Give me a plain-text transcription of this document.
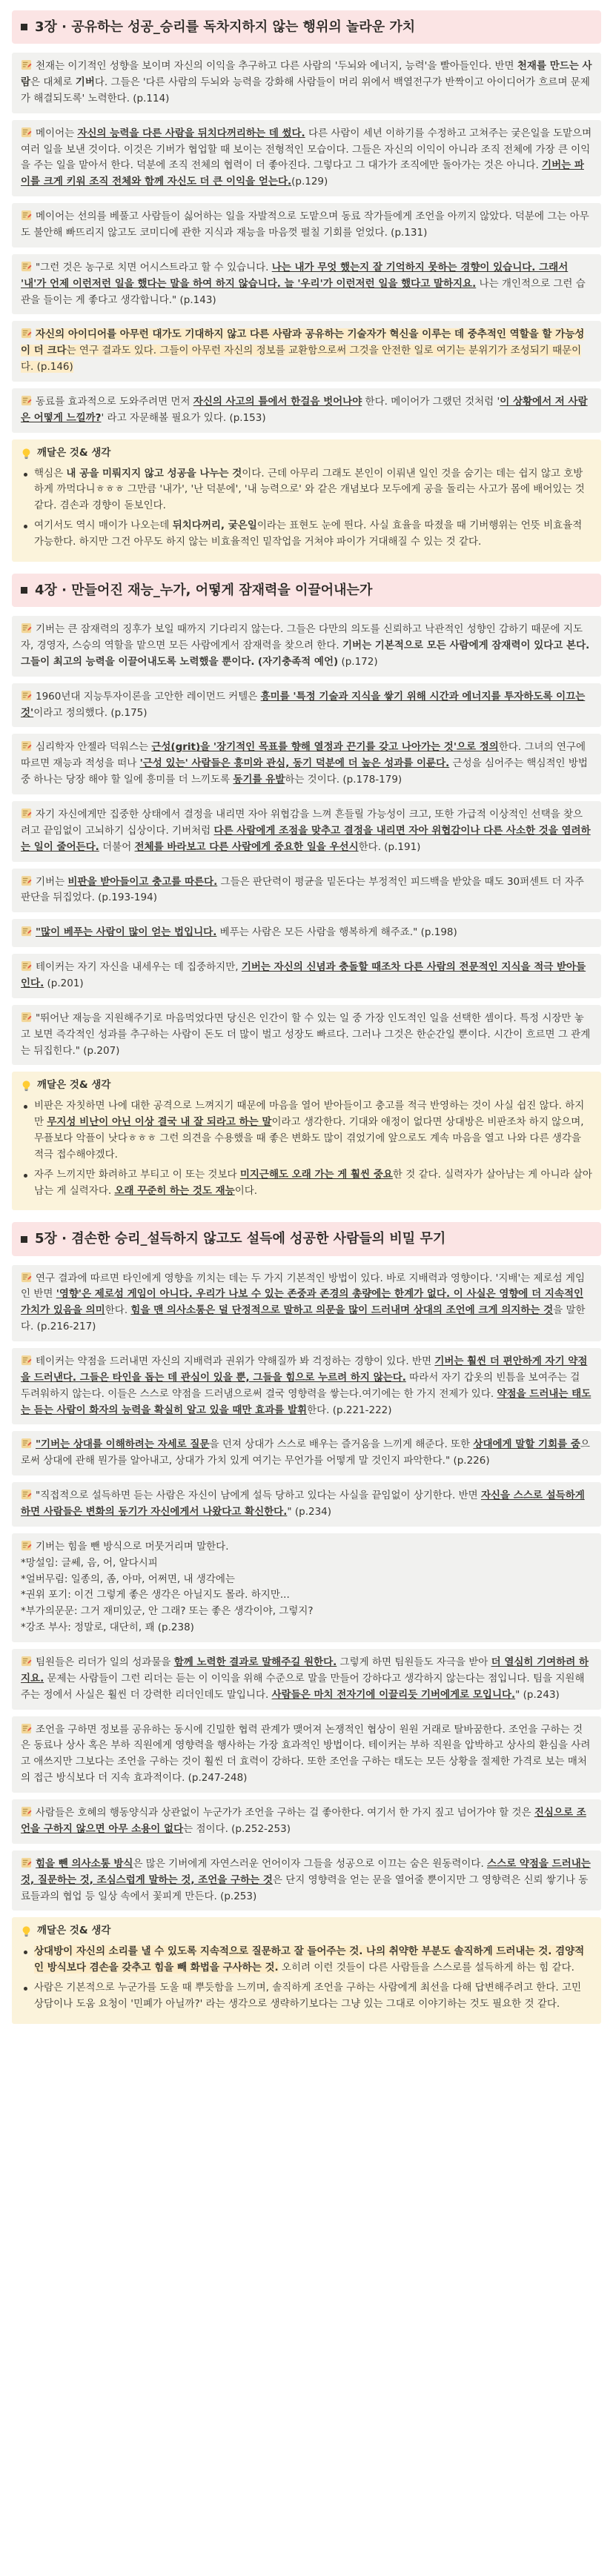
3장 · 공유하는 성공_승리를 독차지하지 않는 행위의 놀라운 가치
천재는 이기적인 성향을 보이며 자신의 이익을 추구하고 다른 사람의 '두뇌와 에너지, 능력'을 빨아들인다. 반면 천재를 만드는 사람은 대체로 기버다. 그들은 '다른 사람의 두뇌와 능력을 강화해 사람들이 머리 위에서 백열전구가 반짝이고 아이디어가 흐르며 문제가 해결되도록' 노력한다. (p.114)
메이어는 자신의 능력을 다른 사람을 뒤치다꺼리하는 데 썼다. 다른 사람이 세년 이하기를 수정하고 고쳐주는 궂은일을 도맡으며 여러 일을 보낸 것이다. 이것은 기버가 협업할 때 보이는 전형적인 모습이다. 그들은 자신의 이익이 아니라 조직 전체에 가장 큰 이익을 주는 일을 맡아서 한다. 덕분에 조직 전체의 협력이 더 좋아진다. 그렇다고 그 대가가 조직에만 돌아가는 것은 아니다. 기버는 파이를 크게 키워 조직 전체와 함께 자신도 더 큰 이익을 얻는다.(p.129)
메이어는 선의를 베풀고 사람들이 싫어하는 일을 자발적으로 도맡으며 동료 작가들에게 조언을 아끼지 않았다. 덕분에 그는 아무도 불안해 빠뜨리지 않고도 코미디에 관한 지식과 재능을 마음껏 펼칠 기회를 얻었다. (p.131)
"그런 것은 농구로 치면 어시스트라고 할 수 있습니다. 나는 내가 무엇 했는지 잘 기억하지 못하는 경향이 있습니다. 그래서 '내'가 언제 이런저런 일을 했다는 말을 하여 하지 않습니다. 늘 '우리'가 이런저런 일을 했다고 말하지요. 나는 개인적으로 그런 습관을 들이는 게 좋다고 생각합니다." (p.143)
자신의 아이디어를 아무런 대가도 기대하지 않고 다른 사람과 공유하는 기술자가 혁신을 이루는 데 중추적인 역할을 할 가능성이 더 크다는 연구 결과도 있다. 그들이 아무런 자신의 정보를 교환함으로써 그것을 안전한 일로 여기는 분위기가 조성되기 때문이다. (p.146)
동료를 효과적으로 도와주려면 먼저 자신의 사고의 틀에서 한걸음 벗어나야 한다. 메이어가 그랬던 것처럼 '이 상황에서 저 사람은 어떻게 느낄까?' 라고 자문해볼 필요가 있다. (p.153)
깨달은 것& 생각
핵심은 내 공을 미뤄지지 않고 성공을 나누는 것이다. 근데 아무리 그래도 본인이 이뤄낸 일인 것을 숨기는 데는 쉽지 않고 호방하게 까먹다니ㅎㅎㅎ 그만큼 '내가', '난 덕분에', '내 능력으로' 와 같은 개념보다 모두에게 공을 돌리는 사고가 몸에 배어있는 것 같다. 겸손과 경향이 돋보인다.
여기서도 역시 매이가 나오는데 뒤치다꺼리, 궂은일이라는 표현도 눈에 띈다. 사실 효율을 따졌을 때 기버행위는 언뜻 비효율적 가능한다. 하지만 그건 아무도 하지 않는 비효율적인 밑작업을 거쳐야 파이가 거대해질 수 있는 것 같다.
4장 · 만들어진 재능_누가, 어떻게 잠재력을 이끌어내는가
기버는 큰 잠재력의 징후가 보일 때까지 기다리지 않는다. 그들은 다만의 의도를 신뢰하고 낙관적인 성향인 감하기 때문에 지도자, 경영자, 스승의 역할을 맡으면 모든 사람에게서 잠재력을 찾으려 한다. 기버는 기본적으로 모든 사람에게 잠재력이 있다고 본다. 그들이 최고의 능력을 이끌어내도록 노력했을 뿐이다. (자기충족적 예언) (p.172)
1960년대 지능투자이론을 고안한 레이먼드 커텔은 흥미를 '특정 기술과 지식을 쌓기 위해 시간과 에너지를 투자하도록 이끄는 것'이라고 정의했다. (p.175)
심리학자 안젤라 덕워스는 근성(grit)을 '장기적인 목표를 향해 열정과 끈기를 갖고 나아가는 것'으로 정의한다. 그녀의 연구에 따르면 재능과 적성을 떠나 '근성 있는' 사람들은 흥미와 관심, 동기 덕분에 더 높은 성과를 이룬다. 근성을 심어주는 핵심적인 방법 중 하나는 당장 해야 할 일에 흥미를 더 느끼도록 동기를 유발하는 것이다. (p.178-179)
자기 자신에게만 집중한 상태에서 결정을 내리면 자아 위협감을 느껴 흔들릴 가능성이 크고, 또한 가급적 이상적인 선택을 찾으려고 끝임없이 고뇌하기 십상이다. 기버처럼 다른 사람에게 조점을 맞추고 결정을 내리면 자아 위협감이나 다른 사소한 것을 염려하는 일이 줄어든다. 더불어 전체를 바라보고 다른 사람에게 중요한 일을 우선시한다. (p.191)
기버는 비판을 받아들이고 충고를 따른다. 그들은 판단력이 평균을 밑돈다는 부정적인 피드백을 받았을 때도 30퍼센트 더 자주 판단을 뒤집었다. (p.193-194)
"많이 베푸는 사람이 많이 얻는 법입니다. 베푸는 사람은 모든 사람을 행복하게 해주죠." (p.198)
테이커는 자기 자신을 내세우는 데 집중하지만, 기버는 자신의 신념과 충돌할 때조차 다른 사람의 전문적인 지식을 적극 받아들인다. (p.201)
"뛰어난 재능을 지원해주기로 마음먹었다면 당신은 인간이 할 수 있는 일 중 가장 인도적인 일을 선택한 셈이다. 특정 시장만 놓고 보면 즉각적인 성과를 추구하는 사람이 돈도 더 많이 벌고 성장도 빠르다. 그러나 그것은 한순간일 뿐이다. 시간이 흐르면 그 관계는 뒤집힌다." (p.207)
깨달은 것& 생각
비판은 자칫하면 나에 대한 공격으로 느껴지기 때문에 마음을 열어 받아들이고 충고를 적극 반영하는 것이 사실 쉽진 않다. 하지만 무지성 비난이 아닌 이상 결국 내 잘 되라고 하는 말이라고 생각한다. 기대와 애정이 없다면 상대방은 비판조차 하지 않으며, 무플보다 악플이 낫다ㅎㅎㅎ 그런 의견을 수용했을 때 좋은 변화도 많이 겪었기에 앞으로도 계속 마음을 열고 나와 다른 생각을 적극 접수해야겠다.
자주 느끼지만 화려하고 부티고 이 또는 것보다 미지근해도 오래 가는 게 훨씬 중요한 것 같다. 실력자가 살아남는 게 아니라 살아남는 게 실력자다. 오래 꾸준히 하는 것도 재능이다.
5장 · 겸손한 승리_설득하지 않고도 설득에 성공한 사람들의 비밀 무기
연구 결과에 따르면 타인에게 영향을 끼치는 데는 두 가지 기본적인 방법이 있다. 바로 지배력과 영향이다. '지배'는 제로섬 게임인 반면 '영향'은 제로섬 게임이 아니다. 우리가 나보 수 있는 존중과 존경의 총량에는 한계가 없다. 이 사실은 영향에 더 지속적인 가치가 있음을 의미한다. 힘을 맨 의사소통은 덜 단정적으로 말하고 의문을 많이 드러내며 상대의 조언에 크게 의지하는 것을 말한다. (p.216-217)
테이커는 약점을 드러내면 자신의 지배력과 권위가 약해질까 봐 걱정하는 경향이 있다. 반면 기버는 훨씬 더 편안하게 자기 약점을 드러낸다. 그들은 타인을 돕는 데 관심이 있을 뿐, 그들을 힘으로 누르려 하지 않는다. 따라서 자기 갑옷의 빈틈을 보여주는 걸 두려워하지 않는다. 이들은 스스로 약점을 드러냄으로써 결국 영향력을 쌓는다.여기에는 한 가지 전제가 있다. 약점을 드러내는 태도는 듣는 사람이 화자의 능력을 확실히 알고 있을 때만 효과를 발휘한다. (p.221-222)
"기버는 상대를 이해하려는 자세로 질문을 던져 상대가 스스로 배우는 즐거움을 느끼게 해준다. 또한 상대에게 말할 기회를 줌으로써 상대에 관해 뭔가를 알아내고, 상대가 가치 있게 여기는 무언가를 어떻게 말 것인지 파악한다." (p.226)
"직접적으로 설득하면 듣는 사람은 자신이 남에게 설득 당하고 있다는 사실을 끝임없이 상기한다. 반면 자신을 스스로 설득하게 하면 사람들은 변화의 동기가 자신에게서 나왔다고 확신한다." (p.234)
기버는 힘을 뺀 방식으로 머뭇거리며 말한다.

*망설임: 글쎄, 음, 어, 알다시피
*얼버무림: 일종의, 좀, 아마, 어쩌면, 내 생각에는
*권위 포기: 이건 그렇게 좋은 생각은 아닐지도 몰라. 하지만...
*부가의문문: 그거 재미있군, 안 그래? 또는 좋은 생각이야, 그렇지?
*강조 부사: 정말로, 대단히, 꽤 (p.238)
팀원들은 리더가 일의 성과물을 함께 노력한 결과로 말해주길 원한다. 그렇게 하면 팀원들도 자극을 받아 더 열심히 기여하려 하지요. 문제는 사람들이 그런 리더는 듣는 이 이익을 위해 수준으로 말을 만들어 강하다고 생각하지 않는다는 점입니다. 팀을 지원해주는 정에서 사실은 훨씬 더 강력한 리더인데도 말입니다. 사람들은 마치 전자기에 이끌리듯 기버에게로 모입니다." (p.243)
조언을 구하면 정보를 공유하는 동시에 긴밀한 협력 관계가 맺어져 논쟁적인 협상이 원원 거래로 탈바꿈한다. 조언을 구하는 것은 동료나 상사 혹은 부하 직원에게 영향력을 행사하는 가장 효과적인 방법이다. 테이커는 부하 직원을 압박하고 상사의 환심을 사려고 애쓰지만 그보다는 조언을 구하는 것이 훨씬 더 효력이 강하다. 또한 조언을 구하는 태도는 모든 상황을 절제한 가격로 보는 매처의 접근 방식보다 더 지속 효과적이다. (p.247-248)
사람들은 호혜의 행동양식과 상관없이 누군가가 조언을 구하는 걸 좋아한다. 여기서 한 가지 짚고 넘어가야 할 것은 진심으로 조언을 구하지 않으면 아무 소용이 없다는 점이다. (p.252-253)
힘을 뺀 의사소통 방식은 많은 기버에게 자연스러운 언어이자 그들을 성공으로 이끄는 숨은 원동력이다. 스스로 약점을 드러내는 것, 질문하는 것, 조심스럽게 말하는 것, 조언을 구하는 것은 단지 영향력을 얻는 문을 열어줄 뿐이지만 그 영향력은 신뢰 쌓기나 동료들과의 협업 등 일상 속에서 꽃피게 만든다. (p.253)
깨달은 것& 생각
상대방이 자신의 소리를 낼 수 있도록 지속적으로 질문하고 잘 들어주는 것. 나의 취약한 부분도 솔직하게 드러내는 것. 겸양적인 방식보다 겸손을 갖추고 힘을 빼 화법을 구사하는 것. 오히려 이런 것들이 다른 사람들을 스스로를 설득하게 하는 힘 같다.
사람은 기본적으로 누군가를 도울 때 뿌듯함을 느끼며, 솔직하게 조언을 구하는 사람에게 최선을 다해 답변해주려고 한다. 고민 상담이나 도움 요청이 '민폐가 아닐까?' 라는 생각으로 생략하기보다는 그냥 있는 그대로 이야기하는 것도 필요한 것 같다.
